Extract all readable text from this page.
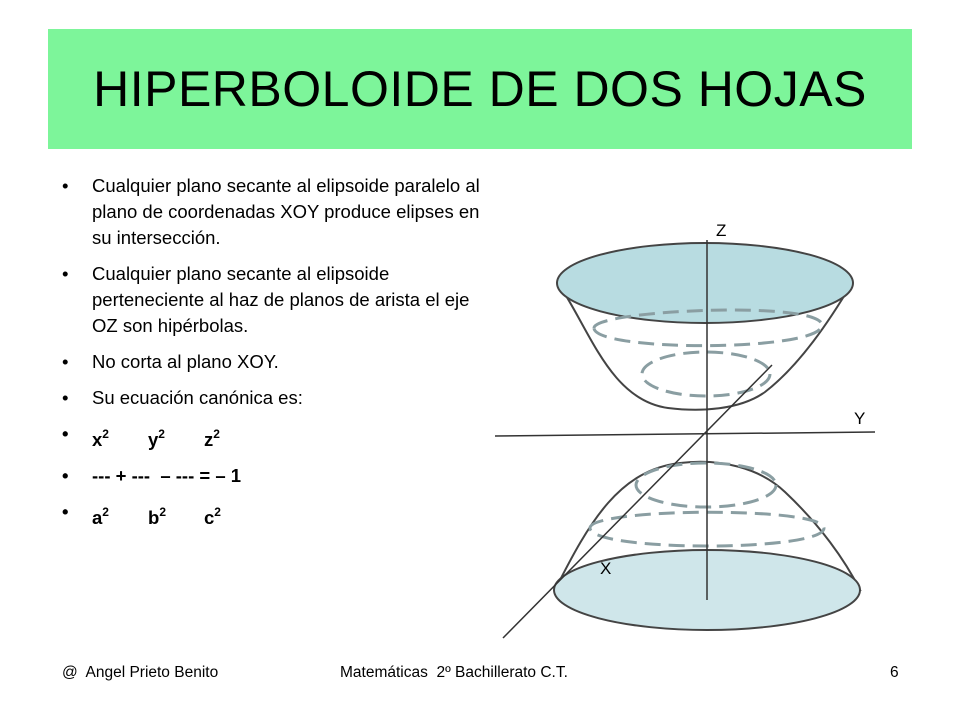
HIPERBOLOIDE DE DOS HOJAS
• Cualquier plano secante al elipsoide paralelo al plano de coordenadas XOY produce elipses en su intersección.
• Cualquier plano secante al elipsoide perteneciente al haz de planos de arista el eje OZ son hipérbolas.
• No corta al plano XOY.
• Su ecuación canónica es:
• $x^2$	$y^2$	$z^2$
• --- + ---  – --- = – 1
• $a^2$	$b^2$	$c^2$
Z
Y
X
@  Angel Prieto Benito	Matemáticas  2º Bachillerato C.T.	6
